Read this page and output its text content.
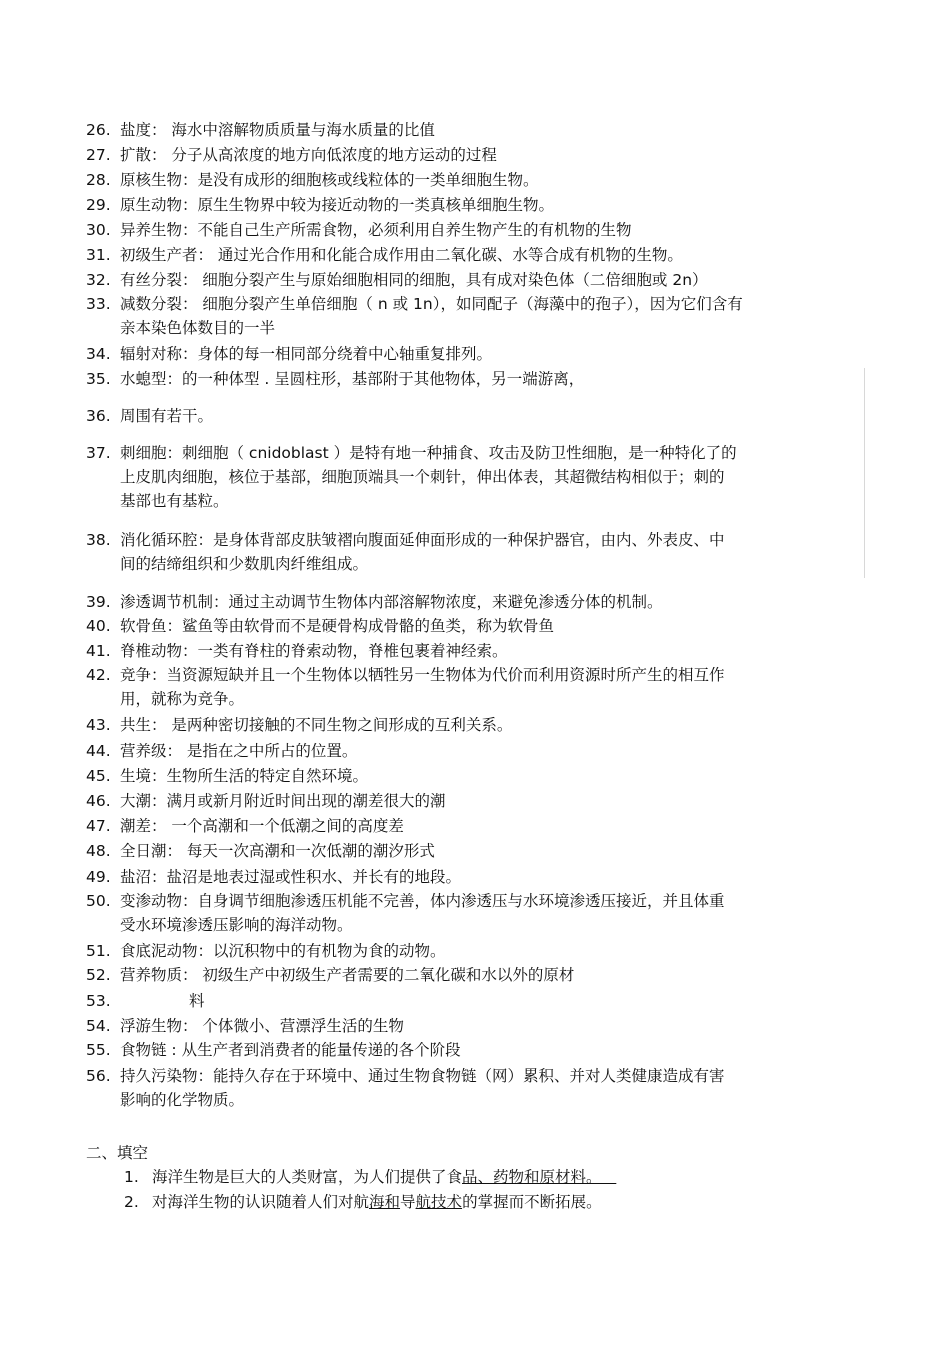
26. 盐度： 海水中溶解物质质量与海水质量的比值
27. 扩散： 分子从高浓度的地方向低浓度的地方运动的过程
28. 原核生物：是没有成形的细胞核或线粒体的一类单细胞生物。
29. 原生动物：原生生物界中较为接近动物的一类真核单细胞生物。
30. 异养生物：不能自己生产所需食物，必须利用自养生物产生的有机物的生物
31. 初级生产者： 通过光合作用和化能合成作用由二氧化碳、水等合成有机物的生物。
32. 有丝分裂： 细胞分裂产生与原始细胞相同的细胞，具有成对染色体（二倍细胞或 2n）
33. 减数分裂： 细胞分裂产生单倍细胞（ n 或 1n），如同配子（海藻中的孢子），因为它们含有
亲本染色体数目的一半
34. 辐射对称：身体的每一相同部分绕着中心轴重复排列。
35. 水螅型：的一种体型 . 呈圆柱形，基部附于其他物体，另一端游离，
36. 周围有若干。
37. 刺细胞：刺细胞（ cnidoblast ）是特有地一种捕食、攻击及防卫性细胞，是一种特化了的
上皮肌肉细胞，核位于基部，细胞顶端具一个刺针，伸出体表，其超微结构相似于；刺的
基部也有基粒。
38. 消化循环腔：是身体背部皮肤皱褶向腹面延伸面形成的一种保护器官，由内、外表皮、中
间的结缔组织和少数肌肉纤维组成。
39. 渗透调节机制：通过主动调节生物体内部溶解物浓度，来避免渗透分体的机制。
40. 软骨鱼：鲨鱼等由软骨而不是硬骨构成骨骼的鱼类，称为软骨鱼
41. 脊椎动物：一类有脊柱的脊索动物，脊椎包裹着神经索。
42. 竞争：当资源短缺并且一个生物体以牺牲另一生物体为代价而利用资源时所产生的相互作
用，就称为竞争。
43. 共生： 是两种密切接触的不同生物之间形成的互利关系。
44. 营养级： 是指在之中所占的位置。
45. 生境：生物所生活的特定自然环境。
46. 大潮：满月或新月附近时间出现的潮差很大的潮
47. 潮差： 一个高潮和一个低潮之间的高度差
48. 全日潮： 每天一次高潮和一次低潮的潮汐形式
49. 盐沼：盐沼是地表过湿或性积水、并长有的地段。
50. 变渗动物：自身调节细胞渗透压机能不完善，体内渗透压与水环境渗透压接近，并且体重
受水环境渗透压影响的海洋动物。
51. 食底泥动物：以沉积物中的有机物为食的动物。
52. 营养物质： 初级生产中初级生产者需要的二氧化碳和水以外的原材
53.              料
54. 浮游生物： 个体微小、营漂浮生活的生物
55. 食物链 : 从生产者到消费者的能量传递的各个阶段
56. 持久污染物：能持久存在于环境中、通过生物食物链（网）累积、并对人类健康造成有害
影响的化学物质。
二、填空
1. 海洋生物是巨大的人类财富，为人们提供了食品、药物和原材料。
2. 对海洋生物的认识随着人们对航海和导航技术的掌握而不断拓展。
